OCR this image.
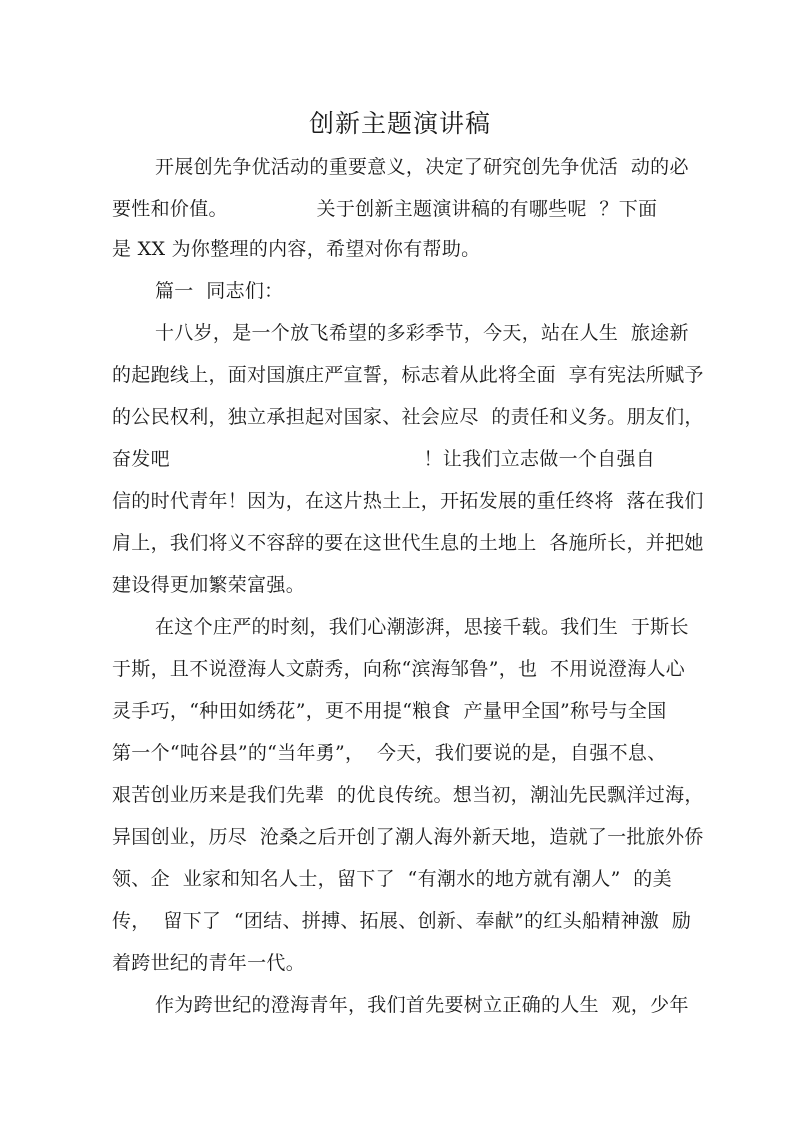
创新主题演讲稿
开展创先争优活动的重要意义，决定了研究创先争优活  动的必
要性和价值。              关于创新主题演讲稿的有哪些呢  ？下面
是 XX 为你整理的内容，希望对你有帮助。
篇一  同志们：
十八岁，是一个放飞希望的多彩季节，今天，站在人生  旅途新
的起跑线上，面对国旗庄严宣誓，标志着从此将全面  享有宪法所赋予
的公民权利，独立承担起对国家、社会应尽  的责任和义务。朋友们，
奋发吧                                        ！让我们立志做一个自强自
信的时代青年！因为，在这片热土上，开拓发展的重任终将  落在我们
肩上，我们将义不容辞的要在这世代生息的土地上  各施所长，并把她
建设得更加繁荣富强。
在这个庄严的时刻，我们心潮澎湃，思接千载。我们生  于斯长
于斯，且不说澄海人文蔚秀，向称“滨海邹鲁”，也  不用说澄海人心
灵手巧，“种田如绣花”，更不用提“粮食  产量甲全国”称号与全国
第一个“吨谷县”的“当年勇”，  今天，我们要说的是，自强不息、
艰苦创业历来是我们先辈  的优良传统。想当初，潮汕先民飘洋过海，
异国创业，历尽  沧桑之后开创了潮人海外新天地，造就了一批旅外侨
领、企  业家和知名人士，留下了  “有潮水的地方就有潮人”  的美
传，  留下了  “团结、拼搏、拓展、创新、奉献”的红头船精神激  励
着跨世纪的青年一代。
作为跨世纪的澄海青年，我们首先要树立正确的人生  观，少年
